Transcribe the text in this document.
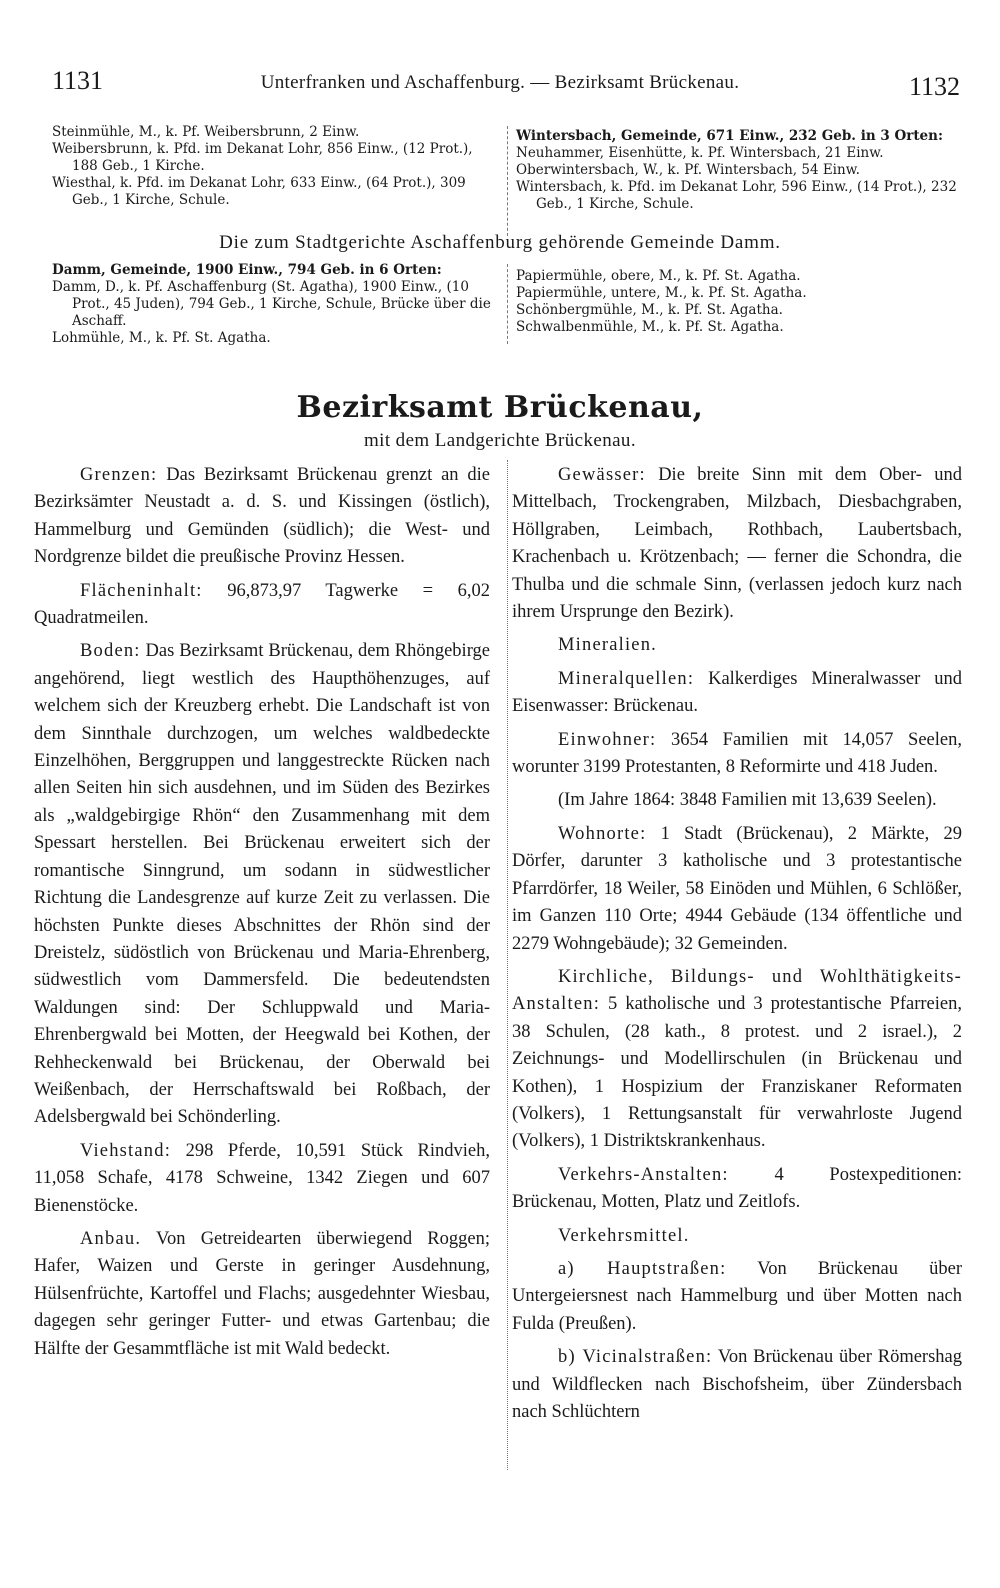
1131	Unterfranken und Aschaffenburg. — Bezirksamt Brückenau.	1132

Steinmühle, M., k. Pf. Weibersbrunn, 2 Einw.

Weibersbrunn, k. Pfd. im Dekanat Lohr, 856 Einw., (12 Prot.), 188 Geb., 1 Kirche.

Wiesthal, k. Pfd. im Dekanat Lohr, 633 Einw., (64 Prot.), 309 Geb., 1 Kirche, Schule.

Wintersbach, Gemeinde, 671 Einw., 232 Geb. in 3 Orten:

Neuhammer, Eisenhütte, k. Pf. Wintersbach, 21 Einw.

Oberwintersbach, W., k. Pf. Wintersbach, 54 Einw.

Wintersbach, k. Pfd. im Dekanat Lohr, 596 Einw., (14 Prot.), 232 Geb., 1 Kirche, Schule.

Die zum Stadtgerichte Aschaffenburg gehörende Gemeinde Damm.

Damm, Gemeinde, 1900 Einw., 794 Geb. in 6 Orten:

Damm, D., k. Pf. Aschaffenburg (St. Agatha), 1900 Einw., (10 Prot., 45 Juden), 794 Geb., 1 Kirche, Schule, Brücke über die Aschaff.

Lohmühle, M., k. Pf. St. Agatha.

Papiermühle, obere, M., k. Pf. St. Agatha.

Papiermühle, untere, M., k. Pf. St. Agatha.

Schönbergmühle, M., k. Pf. St. Agatha.

Schwalbenmühle, M., k. Pf. St. Agatha.

Bezirksamt Brückenau,
mit dem Landgerichte Brückenau.

Grenzen: Das Bezirksamt Brückenau grenzt an die Bezirksämter Neustadt a. d. S. und Kissingen (östlich), Hammelburg und Gemünden (südlich); die West- und Nordgrenze bildet die preußische Provinz Hessen.

Flächeninhalt: 96,873,97 Tagwerke = 6,02 Quadratmeilen.

Boden: Das Bezirksamt Brückenau, dem Rhöngebirge angehörend, liegt westlich des Haupthöhenzuges, auf welchem sich der Kreuzberg erhebt. Die Landschaft ist von dem Sinnthale durchzogen, um welches waldbedeckte Einzelhöhen, Berggruppen und langgestreckte Rücken nach allen Seiten hin sich ausdehnen, und im Süden des Bezirkes als „waldgebirgige Rhön“ den Zusammenhang mit dem Spessart herstellen. Bei Brückenau erweitert sich der romantische Sinngrund, um sodann in südwestlicher Richtung die Landesgrenze auf kurze Zeit zu verlassen. Die höchsten Punkte dieses Abschnittes der Rhön sind der Dreistelz, südöstlich von Brückenau und Maria-Ehrenberg, südwestlich vom Dammersfeld. Die bedeutendsten Waldungen sind: Der Schluppwald und Maria-Ehrenbergwald bei Motten, der Heegwald bei Kothen, der Rehheckenwald bei Brückenau, der Oberwald bei Weißenbach, der Herrschaftswald bei Roßbach, der Adelsbergwald bei Schönderling.

Viehstand: 298 Pferde, 10,591 Stück Rindvieh, 11,058 Schafe, 4178 Schweine, 1342 Ziegen und 607 Bienenstöcke.

Anbau. Von Getreidearten überwiegend Roggen; Hafer, Waizen und Gerste in geringer Ausdehnung, Hülsenfrüchte, Kartoffel und Flachs; ausgedehnter Wiesbau, dagegen sehr geringer Futter- und etwas Gartenbau; die Hälfte der Gesammtfläche ist mit Wald bedeckt.

Gewässer: Die breite Sinn mit dem Ober- und Mittelbach, Trockengraben, Milzbach, Diesbachgraben, Höllgraben, Leimbach, Rothbach, Laubertsbach, Krachenbach u. Krötzenbach; — ferner die Schondra, die Thulba und die schmale Sinn, (verlassen jedoch kurz nach ihrem Ursprunge den Bezirk).

Mineralien.

Mineralquellen: Kalkerdiges Mineralwasser und Eisenwasser: Brückenau.

Einwohner: 3654 Familien mit 14,057 Seelen, worunter 3199 Protestanten, 8 Reformirte und 418 Juden.

(Im Jahre 1864: 3848 Familien mit 13,639 Seelen).

Wohnorte: 1 Stadt (Brückenau), 2 Märkte, 29 Dörfer, darunter 3 katholische und 3 protestantische Pfarrdörfer, 18 Weiler, 58 Einöden und Mühlen, 6 Schlößer, im Ganzen 110 Orte; 4944 Gebäude (134 öffentliche und 2279 Wohngebäude); 32 Gemeinden.

Kirchliche, Bildungs- und Wohlthätigkeits-Anstalten: 5 katholische und 3 protestantische Pfarreien, 38 Schulen, (28 kath., 8 protest. und 2 israel.), 2 Zeichnungs- und Modellirschulen (in Brückenau und Kothen), 1 Hospizium der Franziskaner Reformaten (Volkers), 1 Rettungsanstalt für verwahrloste Jugend (Volkers), 1 Distriktskrankenhaus.

Verkehrs-Anstalten: 4 Postexpeditionen: Brückenau, Motten, Platz und Zeitlofs.

Verkehrsmittel.

a) Hauptstraßen: Von Brückenau über Untergeiersnest nach Hammelburg und über Motten nach Fulda (Preußen).

b) Vicinalstraßen: Von Brückenau über Römershag und Wildflecken nach Bischofsheim, über Zündersbach nach Schlüchtern
